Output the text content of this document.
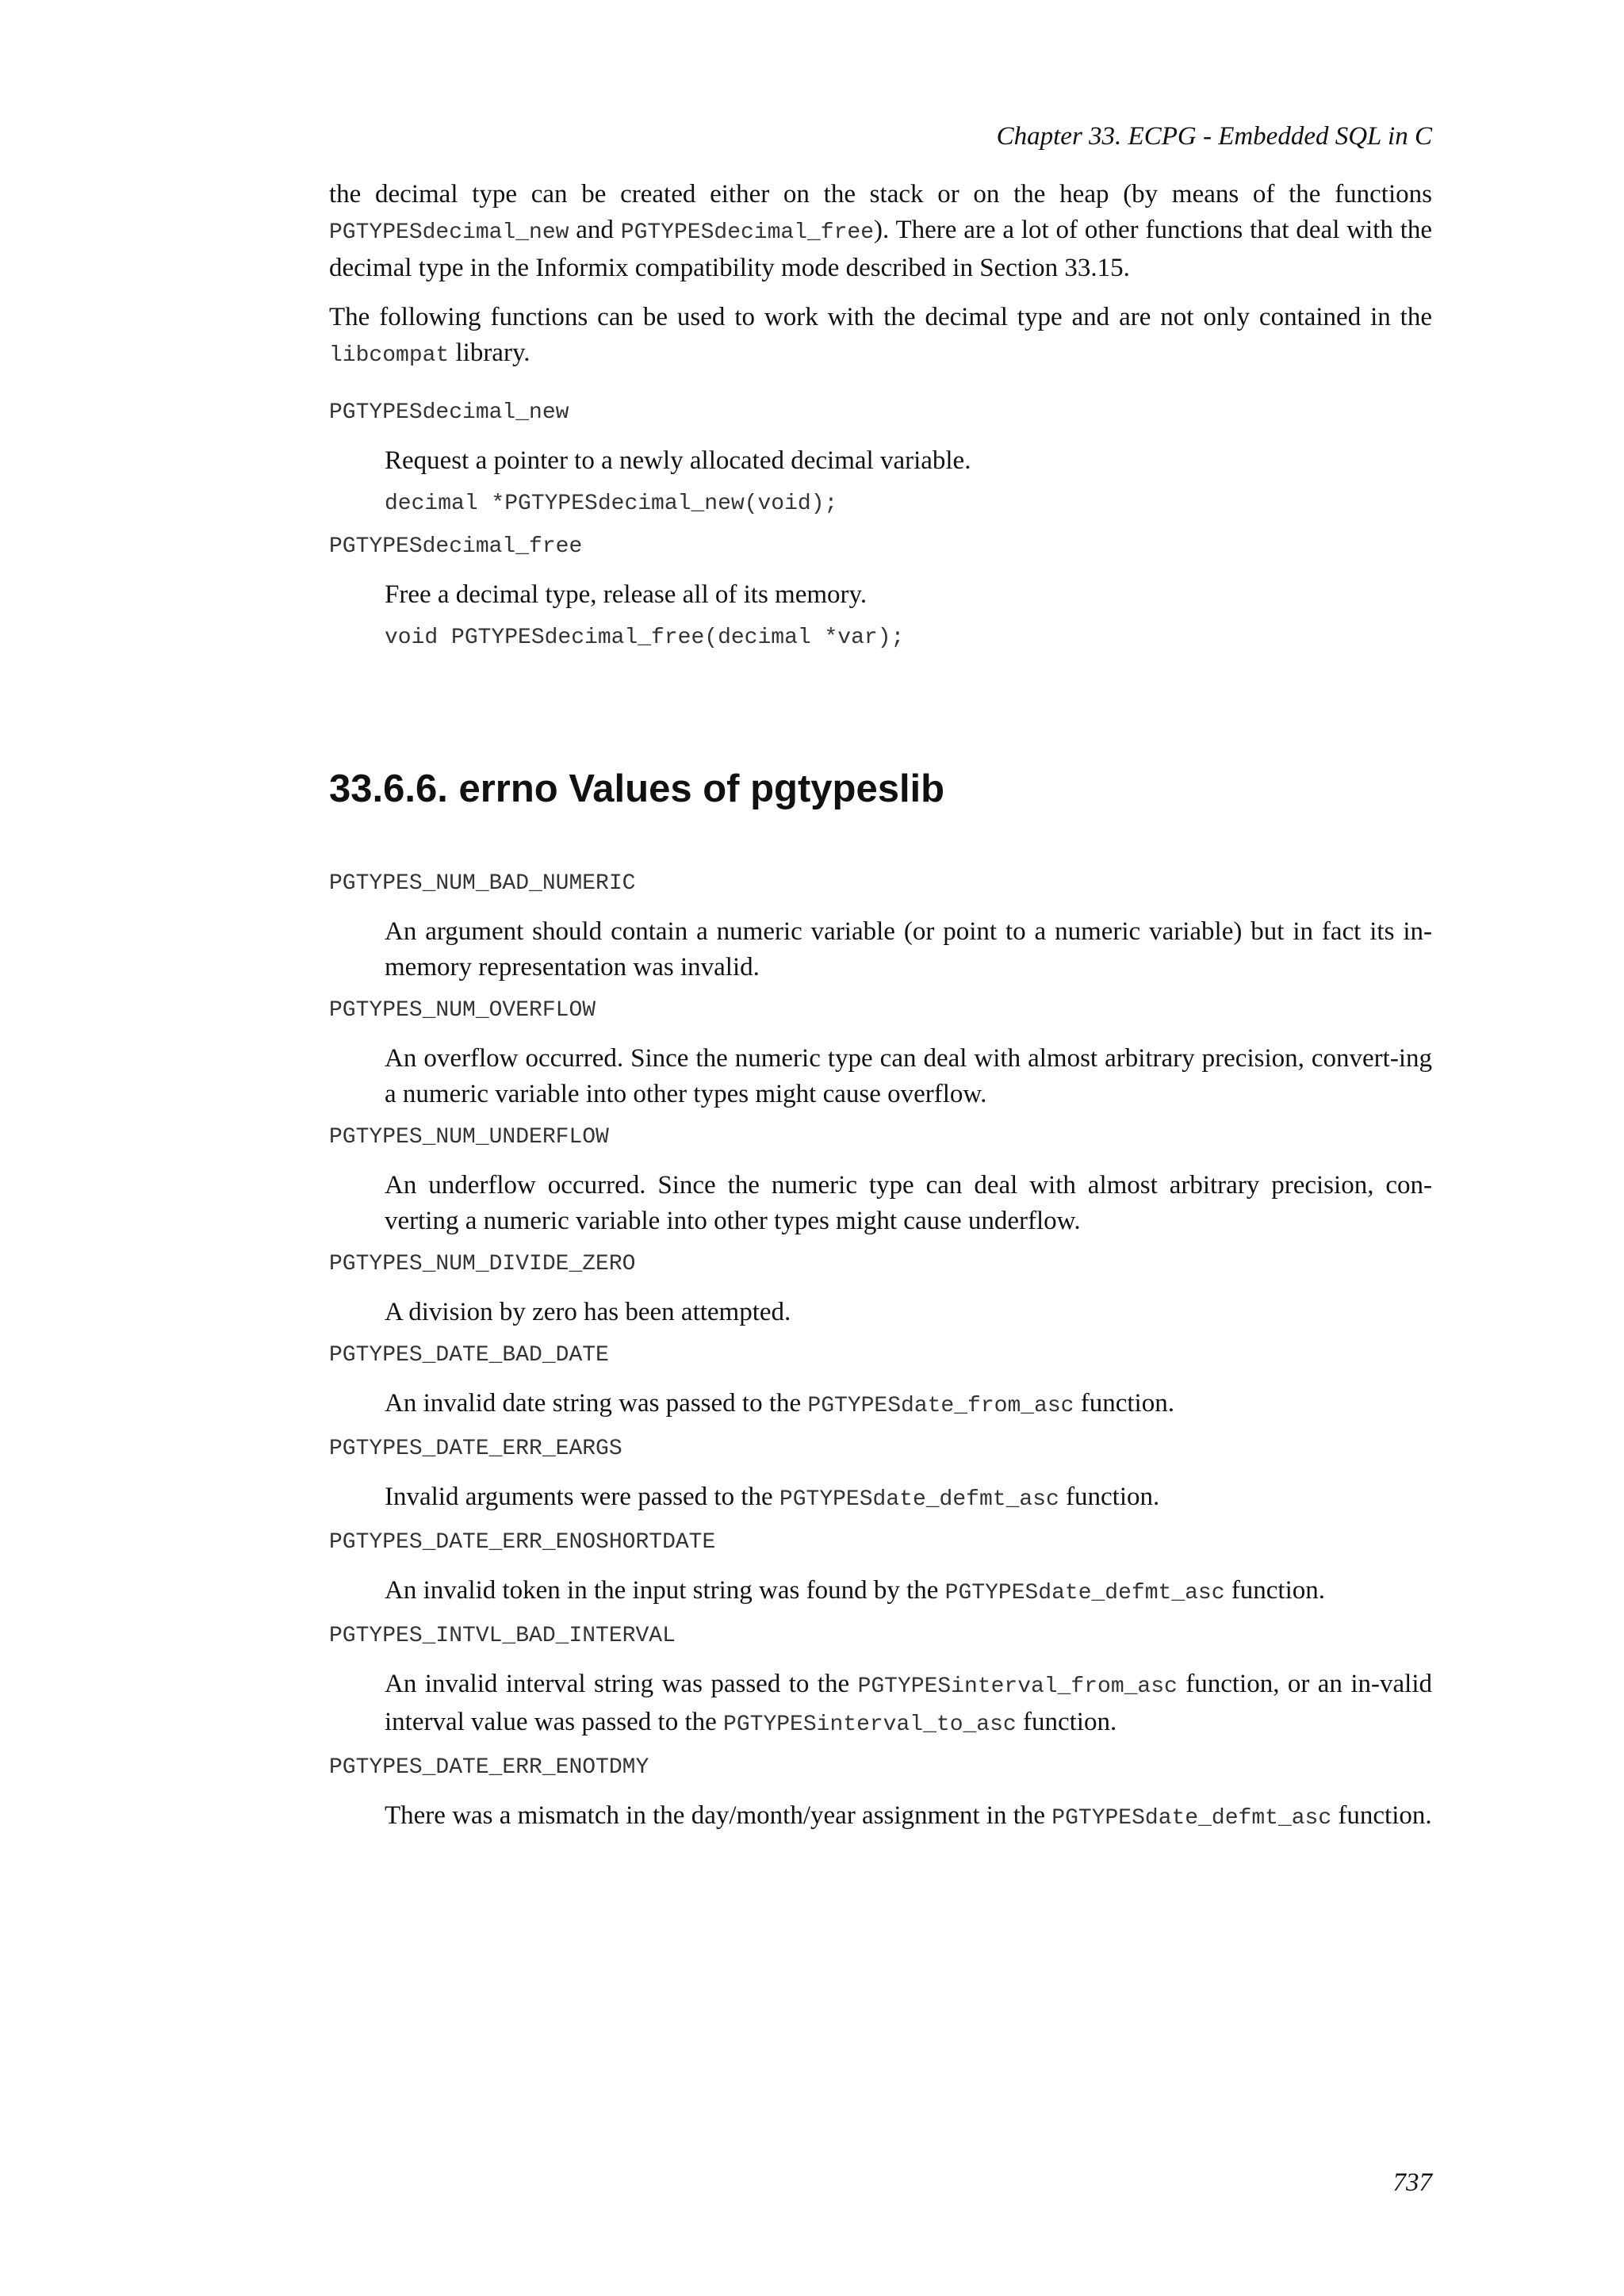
Chapter 33. ECPG - Embedded SQL in C

the decimal type can be created either on the stack or on the heap (by means of the functions PGTYPESdecimal_new and PGTYPESdecimal_free). There are a lot of other functions that deal with the decimal type in the Informix compatibility mode described in Section 33.15.

The following functions can be used to work with the decimal type and are not only contained in the libcompat library.

PGTYPESdecimal_new

Request a pointer to a newly allocated decimal variable.

decimal *PGTYPESdecimal_new(void);
PGTYPESdecimal_free

Free a decimal type, release all of its memory.

void PGTYPESdecimal_free(decimal *var);
33.6.6. errno Values of pgtypeslib
PGTYPES_NUM_BAD_NUMERIC

An argument should contain a numeric variable (or point to a numeric variable) but in fact its in-memory representation was invalid.

PGTYPES_NUM_OVERFLOW

An overflow occurred. Since the numeric type can deal with almost arbitrary precision, convert-ing a numeric variable into other types might cause overflow.

PGTYPES_NUM_UNDERFLOW

An underflow occurred. Since the numeric type can deal with almost arbitrary precision, con-verting a numeric variable into other types might cause underflow.

PGTYPES_NUM_DIVIDE_ZERO

A division by zero has been attempted.

PGTYPES_DATE_BAD_DATE

An invalid date string was passed to the PGTYPESdate_from_asc function.

PGTYPES_DATE_ERR_EARGS

Invalid arguments were passed to the PGTYPESdate_defmt_asc function.

PGTYPES_DATE_ERR_ENOSHORTDATE

An invalid token in the input string was found by the PGTYPESdate_defmt_asc function.

PGTYPES_INTVL_BAD_INTERVAL

An invalid interval string was passed to the PGTYPESinterval_from_asc function, or an in-valid interval value was passed to the PGTYPESinterval_to_asc function.

PGTYPES_DATE_ERR_ENOTDMY

There was a mismatch in the day/month/year assignment in the PGTYPESdate_defmt_asc function.

737
